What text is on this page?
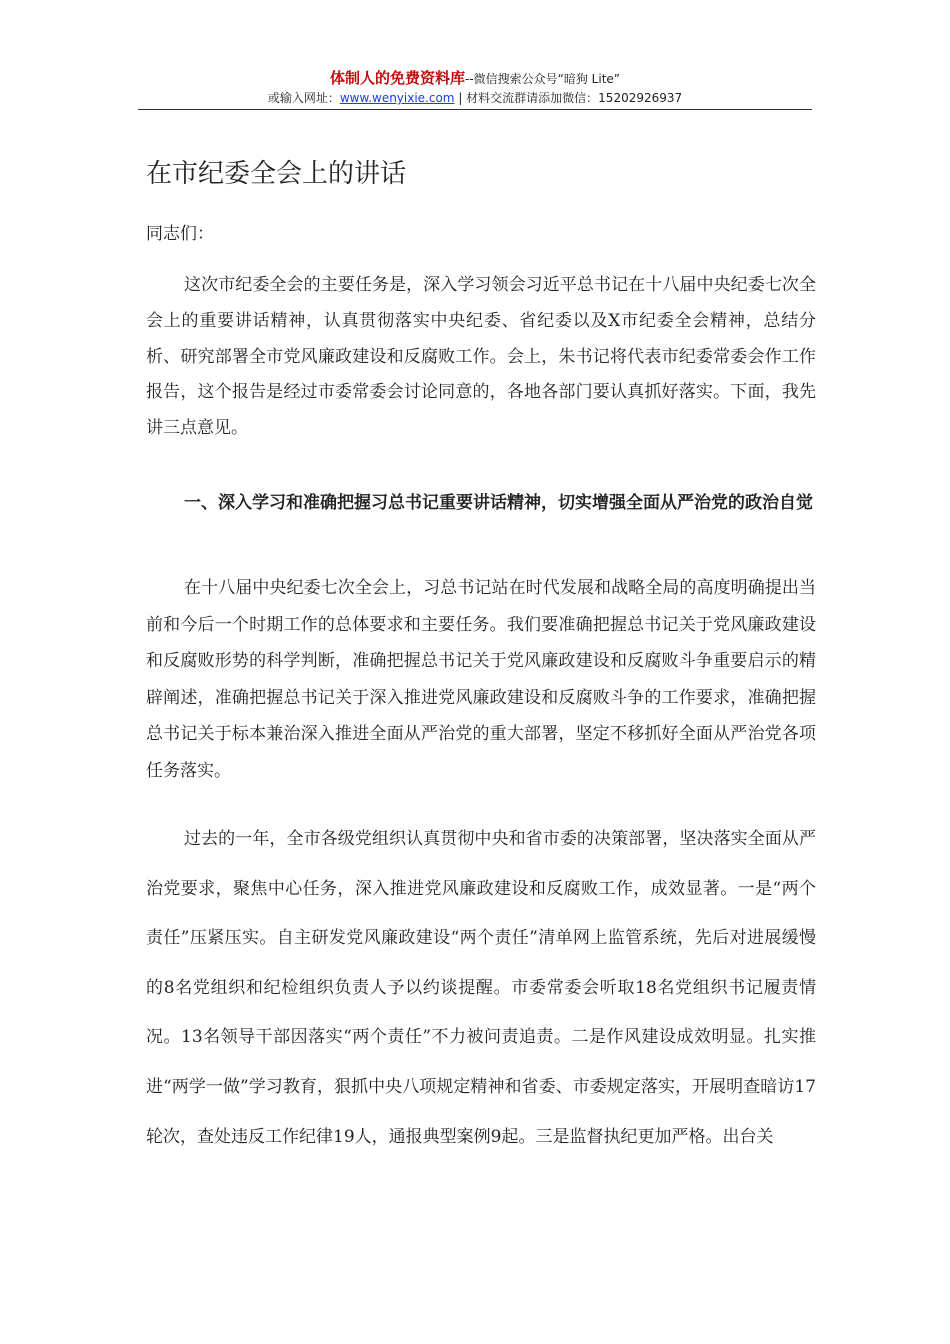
体制人的免费资料库--微信搜索公众号“暗狗 Lite”
或输入网址：www.wenyixie.com | 材料交流群请添加微信：15202926937
在市纪委全会上的讲话
同志们：
这次市纪委全会的主要任务是，深入学习领会习近平总书记在十八届中央纪委七次全会上的重要讲话精神，认真贯彻落实中央纪委、省纪委以及X市纪委全会精神，总结分析、研究部署全市党风廉政建设和反腐败工作。会上，朱书记将代表市纪委常委会作工作报告，这个报告是经过市委常委会讨论同意的，各地各部门要认真抓好落实。下面，我先讲三点意见。
一、深入学习和准确把握习总书记重要讲话精神，切实增强全面从严治党的政治自觉
在十八届中央纪委七次全会上，习总书记站在时代发展和战略全局的高度明确提出当前和今后一个时期工作的总体要求和主要任务。我们要准确把握总书记关于党风廉政建设和反腐败形势的科学判断，准确把握总书记关于党风廉政建设和反腐败斗争重要启示的精辟阐述，准确把握总书记关于深入推进党风廉政建设和反腐败斗争的工作要求，准确把握总书记关于标本兼治深入推进全面从严治党的重大部署，坚定不移抓好全面从严治党各项任务落实。
过去的一年，全市各级党组织认真贯彻中央和省市委的决策部署，坚决落实全面从严治党要求，聚焦中心任务，深入推进党风廉政建设和反腐败工作，成效显著。一是“两个责任”压紧压实。自主研发党风廉政建设“两个责任”清单网上监管系统，先后对进展缓慢的8名党组织和纪检组织负责人予以约谈提醒。市委常委会听取18名党组织书记履责情况。13名领导干部因落实“两个责任”不力被问责追责。二是作风建设成效明显。扎实推进“两学一做”学习教育，狠抓中央八项规定精神和省委、市委规定落实，开展明查暗访17轮次，查处违反工作纪律19人，通报典型案例9起。三是监督执纪更加严格。出台关
